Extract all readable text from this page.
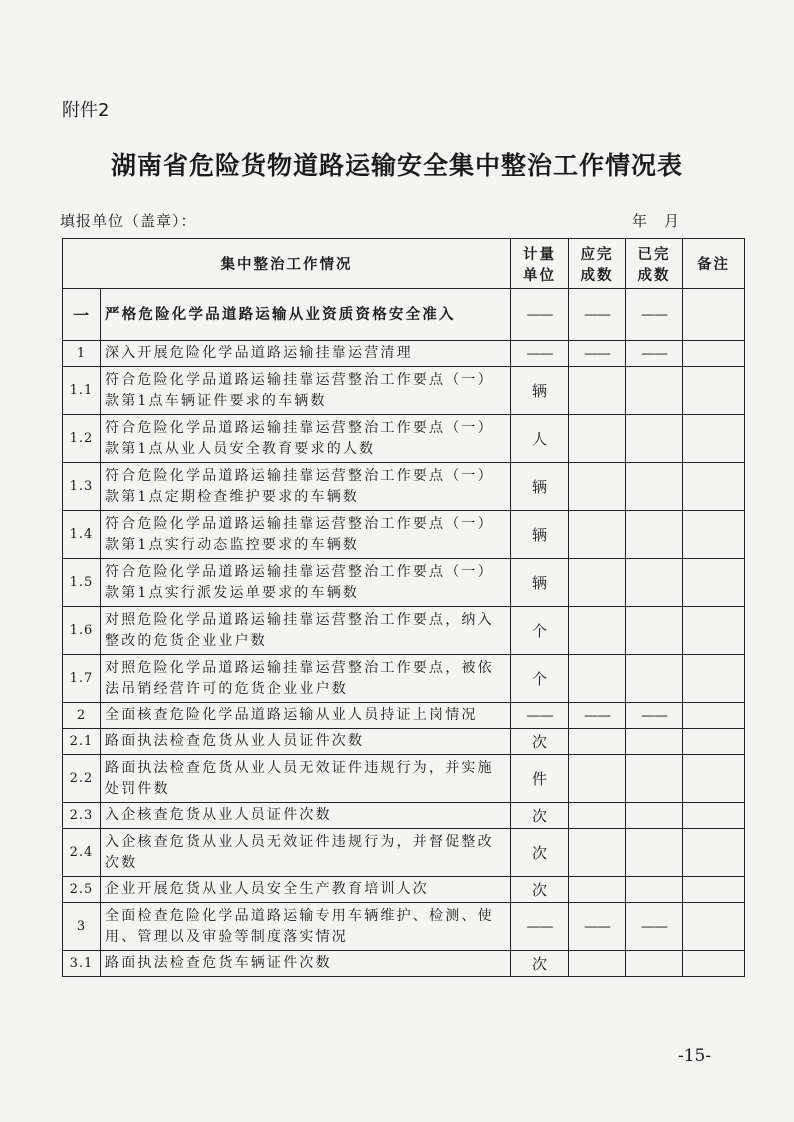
附件2
湖南省危险货物道路运输安全集中整治工作情况表
填报单位（盖章）：	年　月
集中整治工作情况		计量单位	应完成数	已完成数	备注
一	严格危险化学品道路运输从业资质资格安全准入	——	——	——	
1	深入开展危险化学品道路运输挂靠运营清理	——	——	——	
1.1	符合危险化学品道路运输挂靠运营整治工作要点（一）款第1点车辆证件要求的车辆数	辆			
1.2	符合危险化学品道路运输挂靠运营整治工作要点（一）款第1点从业人员安全教育要求的人数	人			
1.3	符合危险化学品道路运输挂靠运营整治工作要点（一）款第1点定期检查维护要求的车辆数	辆			
1.4	符合危险化学品道路运输挂靠运营整治工作要点（一）款第1点实行动态监控要求的车辆数	辆			
1.5	符合危险化学品道路运输挂靠运营整治工作要点（一）款第1点实行派发运单要求的车辆数	辆			
1.6	对照危险化学品道路运输挂靠运营整治工作要点，纳入整改的危货企业业户数	个			
1.7	对照危险化学品道路运输挂靠运营整治工作要点，被依法吊销经营许可的危货企业业户数	个			
2	全面核查危险化学品道路运输从业人员持证上岗情况	——	——	——	
2.1	路面执法检查危货从业人员证件次数	次			
2.2	路面执法检查危货从业人员无效证件违规行为，并实施处罚件数	件			
2.3	入企核查危货从业人员证件次数	次			
2.4	入企核查危货从业人员无效证件违规行为，并督促整改次数	次			
2.5	企业开展危货从业人员安全生产教育培训人次	次			
3	全面检查危险化学品道路运输专用车辆维护、检测、使用、管理以及审验等制度落实情况	——	——	——	
3.1	路面执法检查危货车辆证件次数	次			
-15-
